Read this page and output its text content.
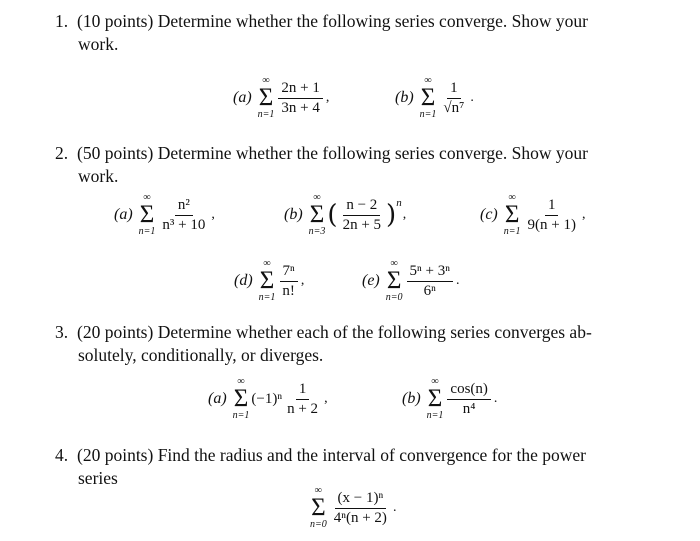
1. (10 points) Determine whether the following series converge. Show your
work.
(a)
∞
Σ
$n=1 \frac{2n + 1}{3n + 4}$ ,	(b)
∞
Σ
$n=1 \frac{1}{\text{√n⁷}}$ .
2. (50 points) Determine whether the following series converge. Show your
work.
(a)
∞
Σ
$n=1 \frac{\text{n²}}{\text{n³ + 10}}$ ,	(b)
∞
Σ
n=3
( $\frac{n - 2}{2n + 5}$ ) n
,	(c)
∞
Σ
$n=1 \frac{1}{9(n + 1)}$ ,
(d)
∞
Σ
$n=1 \frac{\text{7ⁿ}}{n!}$ ,	(e)
∞
Σ
$n=0 \frac{\text{5ⁿ + 3ⁿ}}{\text{6ⁿ}}$ .
3. (20 points) Determine whether each of the following series converges ab-
solutely, conditionally, or diverges.
(a)
∞
Σ
n=1
$(-1)^n \frac{1}{n + 2}$ ,	(b)
∞
Σ
$n=1 \frac{\cos(n)}{\text{n⁴}}$ .
4. (20 points) Find the radius and the interval of convergence for the power
series
∞
Σ
$n=0 \frac{\text{(x − 1)ⁿ}}{\text{4ⁿ(n + 2)}}$ .
